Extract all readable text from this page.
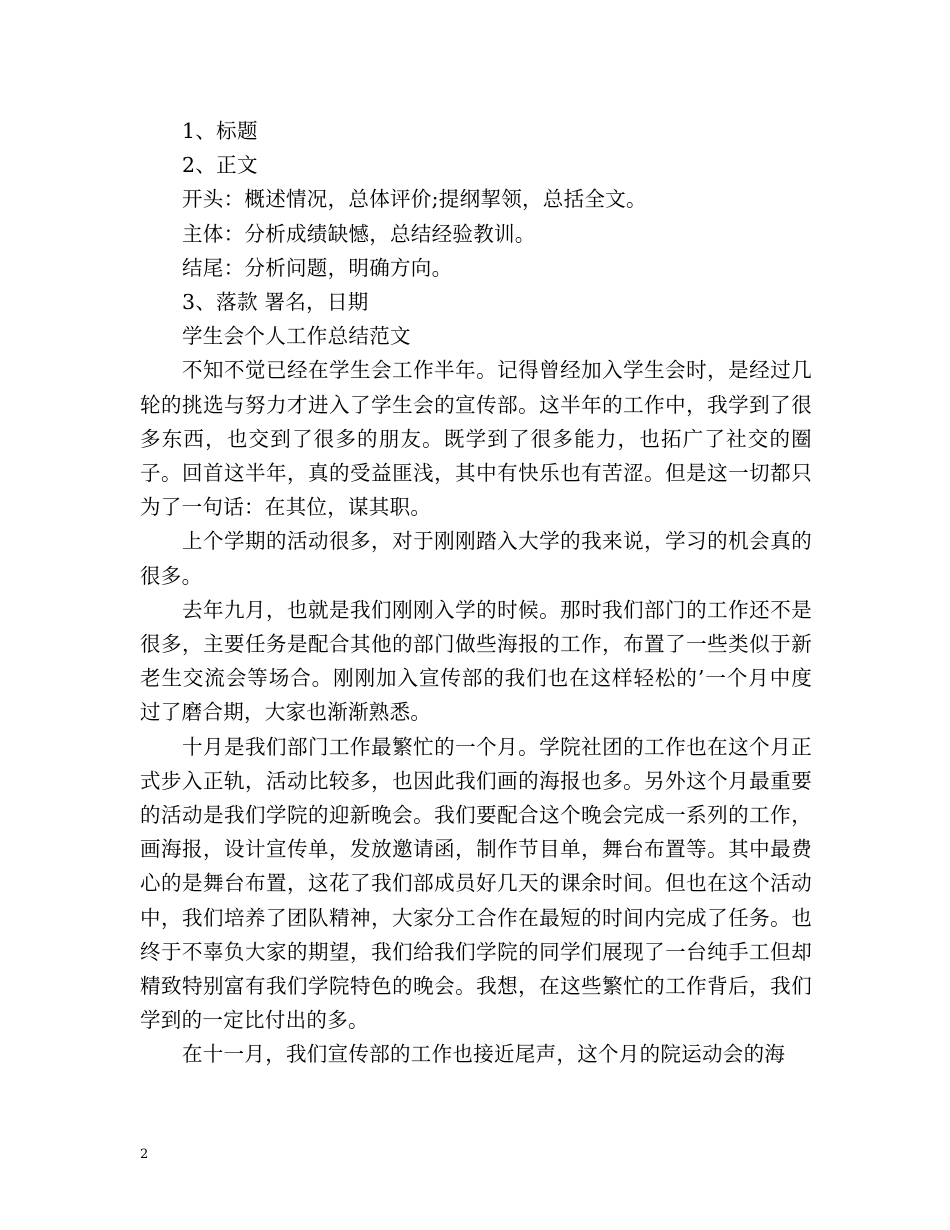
1、标题

2、正文

开头：概述情况，总体评价;提纲挈领，总括全文。

主体：分析成绩缺憾，总结经验教训。

结尾：分析问题，明确方向。

3、落款 署名，日期

学生会个人工作总结范文

不知不觉已经在学生会工作半年。记得曾经加入学生会时，是经过几轮的挑选与努力才进入了学生会的宣传部。这半年的工作中，我学到了很多东西，也交到了很多的朋友。既学到了很多能力，也拓广了社交的圈子。回首这半年，真的受益匪浅，其中有快乐也有苦涩。但是这一切都只为了一句话：在其位，谋其职。

上个学期的活动很多，对于刚刚踏入大学的我来说，学习的机会真的很多。

去年九月，也就是我们刚刚入学的时候。那时我们部门的工作还不是很多，主要任务是配合其他的部门做些海报的工作，布置了一些类似于新老生交流会等场合。刚刚加入宣传部的我们也在这样轻松的’一个月中度过了磨合期，大家也渐渐熟悉。

十月是我们部门工作最繁忙的一个月。学院社团的工作也在这个月正式步入正轨，活动比较多，也因此我们画的海报也多。另外这个月最重要的活动是我们学院的迎新晚会。我们要配合这个晚会完成一系列的工作，画海报，设计宣传单，发放邀请函，制作节目单，舞台布置等。其中最费心的是舞台布置，这花了我们部成员好几天的课余时间。但也在这个活动中，我们培养了团队精神，大家分工合作在最短的时间内完成了任务。也终于不辜负大家的期望，我们给我们学院的同学们展现了一台纯手工但却精致特别富有我们学院特色的晚会。我想，在这些繁忙的工作背后，我们学到的一定比付出的多。

在十一月，我们宣传部的工作也接近尾声，这个月的院运动会的海

2
